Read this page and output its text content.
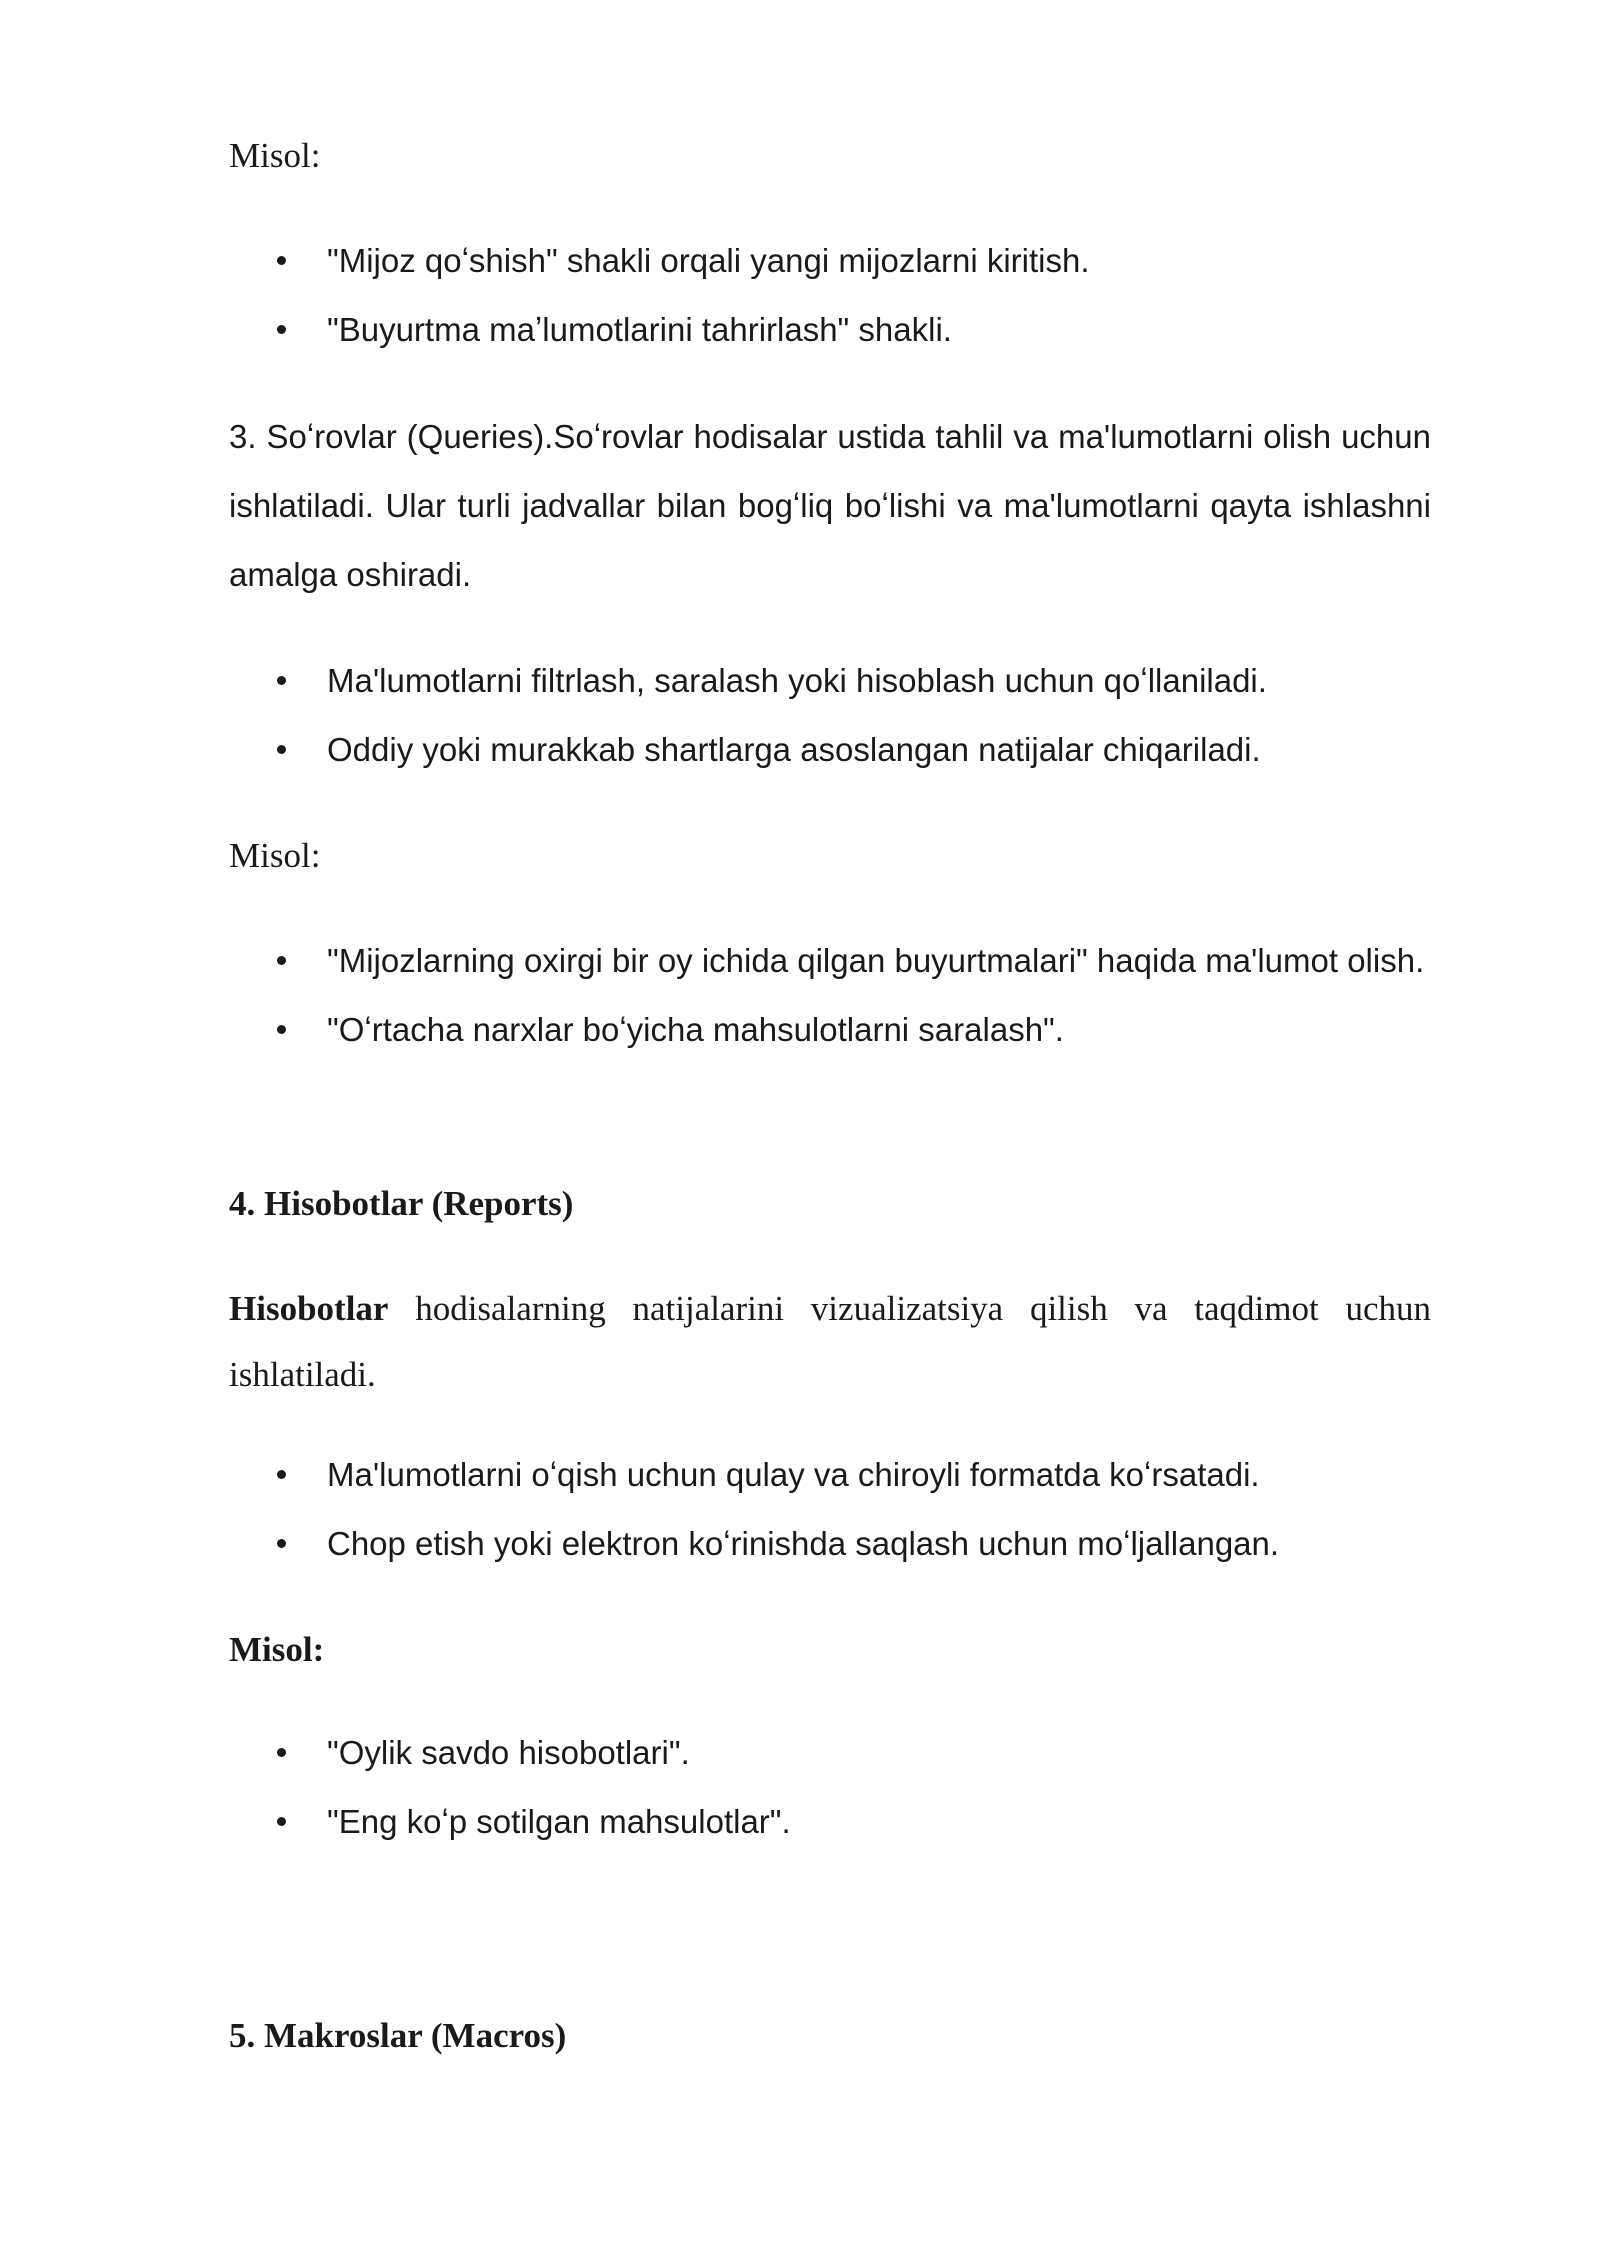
Misol:
"Mijoz qoʻshish" shakli orqali yangi mijozlarni kiritish.
"Buyurtma maʼlumotlarini tahrirlash" shakli.
3. Soʻrovlar (Queries).Soʻrovlar hodisalar ustida tahlil va ma'lumotlarni olish uchun ishlatiladi. Ular turli jadvallar bilan bogʻliq boʻlishi va ma'lumotlarni qayta ishlashni amalga oshiradi.
Ma'lumotlarni filtrlash, saralash yoki hisoblash uchun qoʻllaniladi.
Oddiy yoki murakkab shartlarga asoslangan natijalar chiqariladi.
Misol:
"Mijozlarning oxirgi bir oy ichida qilgan buyurtmalari" haqida ma'lumot olish.
"Oʻrtacha narxlar boʻyicha mahsulotlarni saralash".
4. Hisobotlar (Reports)
Hisobotlar hodisalarning natijalarini vizualizatsiya qilish va taqdimot uchun ishlatiladi.
Ma'lumotlarni oʻqish uchun qulay va chiroyli formatda koʻrsatadi.
Chop etish yoki elektron koʻrinishda saqlash uchun moʻljallangan.
Misol:
"Oylik savdo hisobotlari".
"Eng koʻp sotilgan mahsulotlar".
5. Makroslar (Macros)
